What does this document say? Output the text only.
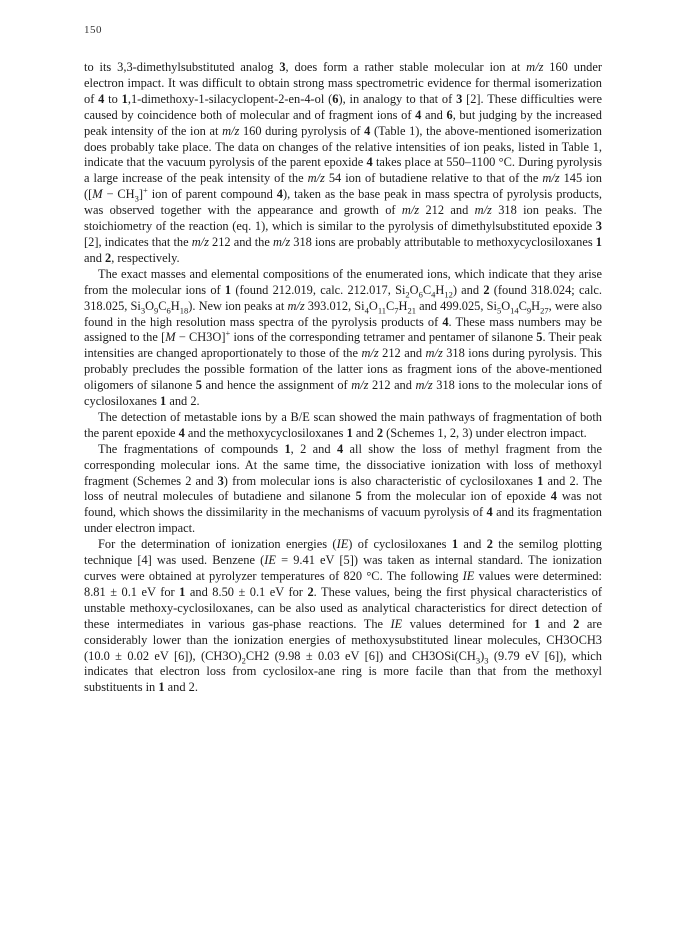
150

to its 3,3-dimethylsubstituted analog 3, does form a rather stable molecular ion at m/z 160 under electron impact. It was difficult to obtain strong mass spectrometric evidence for thermal isomerization of 4 to 1,1-dimethoxy-1-silacyclopent-2-en-4-ol (6), in analogy to that of 3 [2]. These difficulties were caused by coincidence both of molecular and of fragment ions of 4 and 6, but judging by the increased peak intensity of the ion at m/z 160 during pyrolysis of 4 (Table 1), the above-mentioned isomerization does probably take place. The data on changes of the relative intensities of ion peaks, listed in Table 1, indicate that the vacuum pyrolysis of the parent epoxide 4 takes place at 550–1100 °C. During pyrolysis a large increase of the peak intensity of the m/z 54 ion of butadiene relative to that of the m/z 145 ion ($[M - CH_3]^+$ ion of parent compound 4), taken as the base peak in mass spectra of pyrolysis products, was observed together with the appearance and growth of m/z 212 and m/z 318 ion peaks. The stoichiometry of the reaction (eq. 1), which is similar to the pyrolysis of dimethylsubstituted epoxide 3 [2], indicates that the m/z 212 and the m/z 318 ions are probably attributable to methoxycyclosiloxanes 1 and 2, respectively.

The exact masses and elemental compositions of the enumerated ions, which indicate that they arise from the molecular ions of 1 (found 212.019, calc. 212.017, $Si_2O_6C_4H_{12}$) and 2 (found 318.024; calc. 318.025, $Si_3O_9C_6H_{18}$). New ion peaks at m/z 393.012, $Si_4O_{11}C_7H_{21}$ and 499.025, $Si_5O_{14}C_9H_{27}$, were also found in the high resolution mass spectra of the pyrolysis products of 4. These mass numbers may be assigned to the [M − CH3O]+ ions of the corresponding tetramer and pentamer of silanone 5. Their peak intensities are changed aproportionately to those of the m/z 212 and m/z 318 ions during pyrolysis. This probably precludes the possible formation of the latter ions as fragment ions of the above-mentioned oligomers of silanone 5 and hence the assignment of m/z 212 and m/z 318 ions to the molecular ions of cyclosiloxanes 1 and 2.

The detection of metastable ions by a B/E scan showed the main pathways of fragmentation of both the parent epoxide 4 and the methoxycyclosiloxanes 1 and 2 (Schemes 1, 2, 3) under electron impact.

The fragmentations of compounds 1, 2 and 4 all show the loss of methyl fragment from the corresponding molecular ions. At the same time, the dissociative ionization with loss of methoxyl fragment (Schemes 2 and 3) from molecular ions is also characteristic of cyclosiloxanes 1 and 2. The loss of neutral molecules of butadiene and silanone 5 from the molecular ion of epoxide 4 was not found, which shows the dissimilarity in the mechanisms of vacuum pyrolysis of 4 and its fragmentation under electron impact.

For the determination of ionization energies (IE) of cyclosiloxanes 1 and 2 the semilog plotting technique [4] was used. Benzene (IE = 9.41 eV [5]) was taken as internal standard. The ionization curves were obtained at pyrolyzer temperatures of 820 °C. The following IE values were determined: 8.81 ± 0.1 eV for 1 and 8.50 ± 0.1 eV for 2. These values, being the first physical characteristics of unstable methoxy-cyclosiloxanes, can be also used as analytical characteristics for direct detection of these intermediates in various gas-phase reactions. The IE values determined for 1 and 2 are considerably lower than the ionization energies of methoxysubstituted linear molecules, CH3OCH3 (10.0 ± 0.02 eV [6]), $(CH3O)_2CH2$ (9.98 ± 0.03 eV [6]) and $CH3OSi(CH_3)_3$ (9.79 eV [6]), which indicates that electron loss from cyclosilox-ane ring is more facile than that from the methoxyl substituents in 1 and 2.
